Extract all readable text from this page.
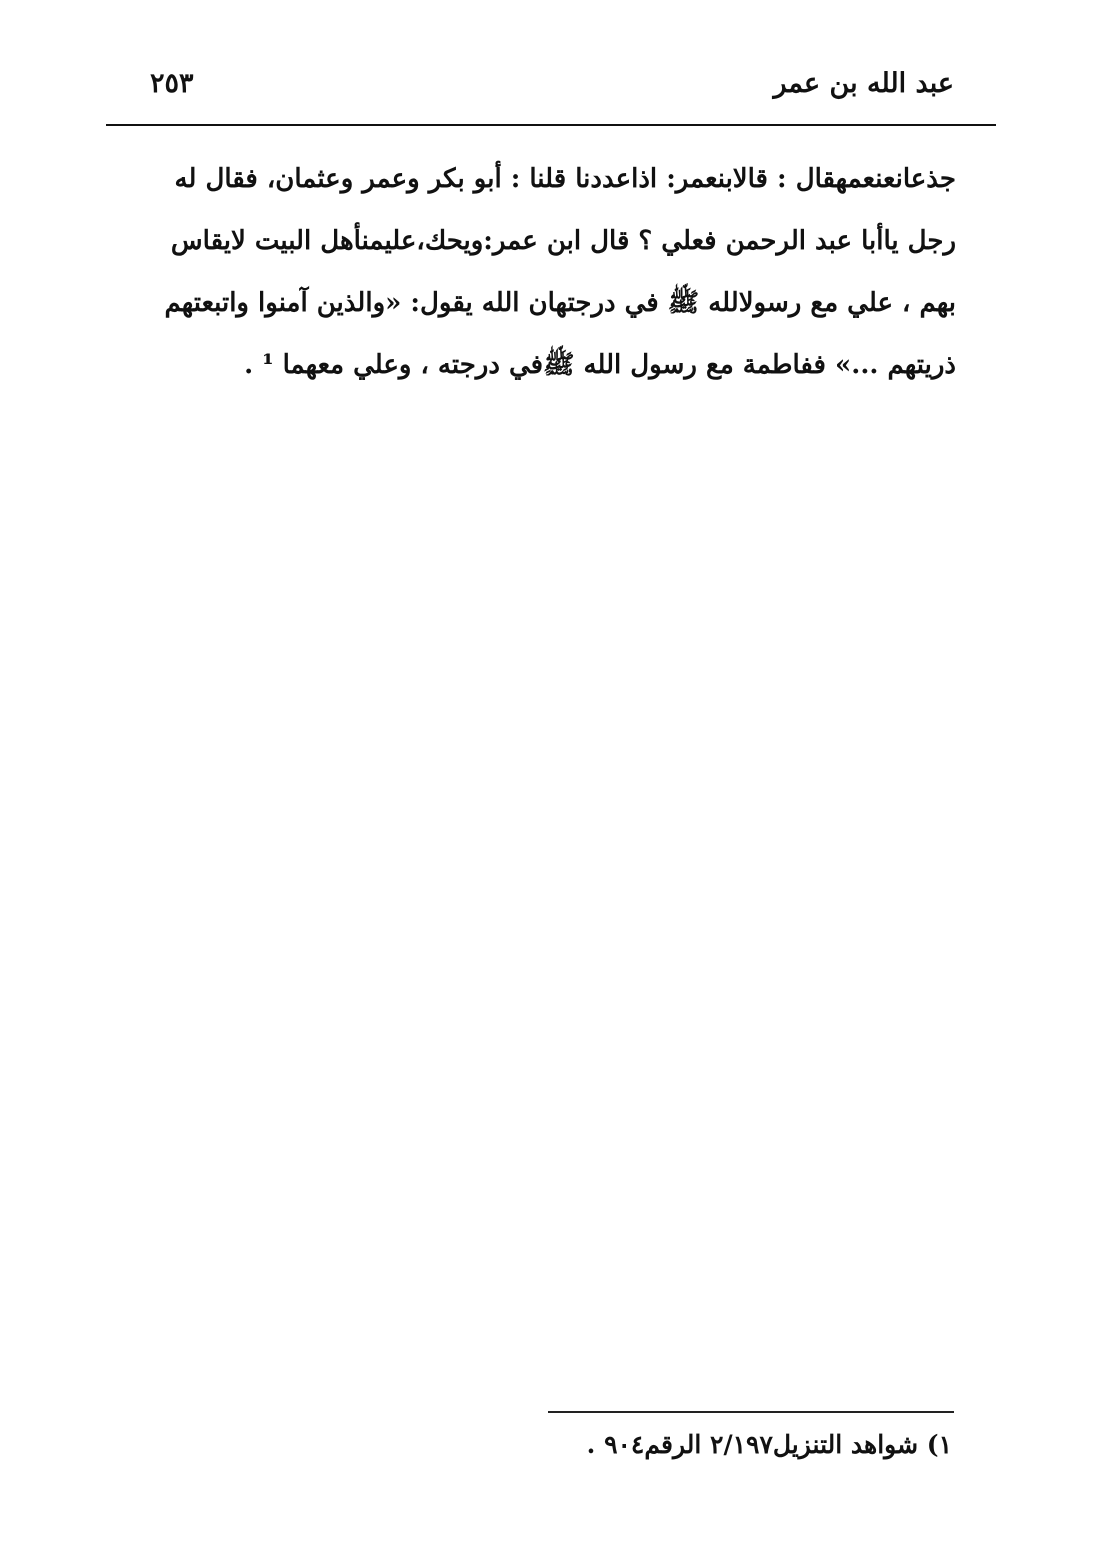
عبد الله بن عمر
٢٥٣
جذعانعنعمهقال : قالابنعمر: اذاعددنا قلنا : أبو بكر وعمر وعثمان، فقال له
رجل ياأبا عبد الرحمن فعلي ؟ قال ابن عمر:ويحك،عليمنأهل البيت لايقاس
بهم ، علي مع رسولالله ﷺ في درجتهان الله يقول: «والذين آمنوا واتبعتهم
ذريتهم ...» ففاطمة مع رسول الله ﷺفي درجته ، وعلي معهما ¹ .
١) شواهد التنزيل٢/١٩٧ الرقم٩٠٤ .
